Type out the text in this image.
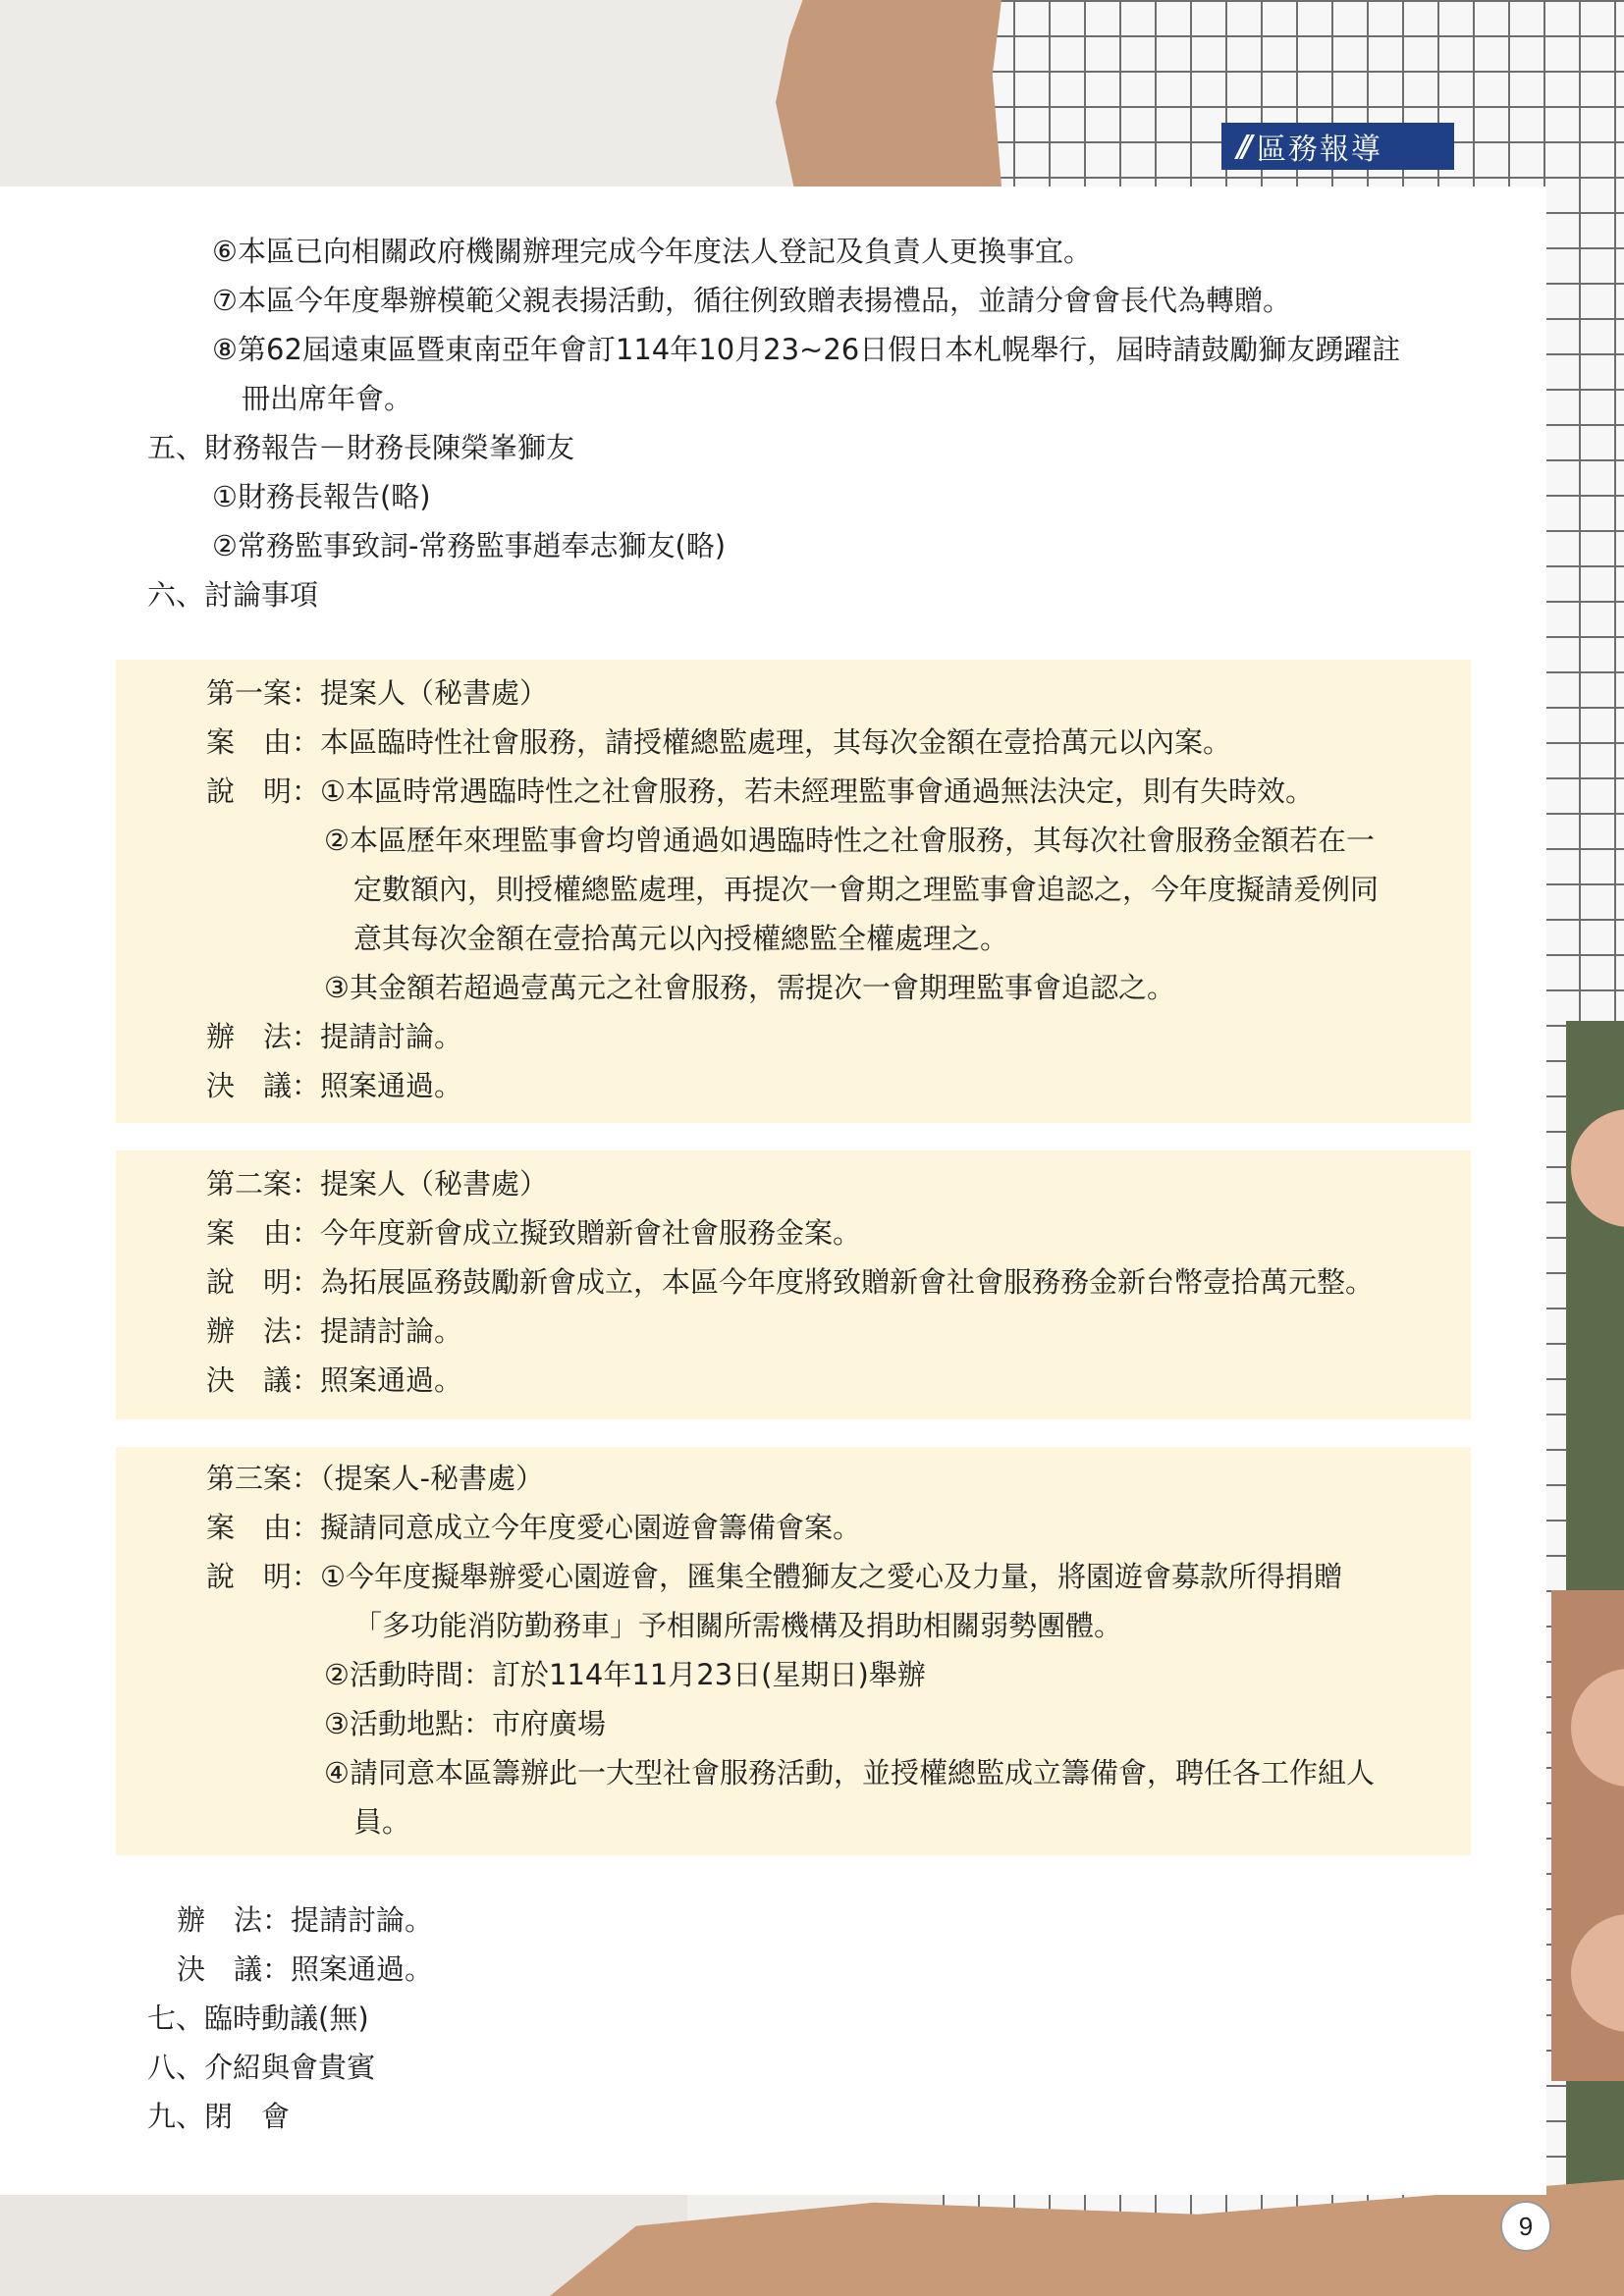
// 區務報導
⑥本區已向相關政府機關辦理完成今年度法人登記及負責人更換事宜。
⑦本區今年度舉辦模範父親表揚活動，循往例致贈表揚禮品，並請分會會長代為轉贈。
⑧第62屆遠東區暨東南亞年會訂114年10月23~26日假日本札幌舉行，屆時請鼓勵獅友踴躍註
冊出席年會。
五、財務報告－財務長陳榮峯獅友
①財務長報告(略)
②常務監事致詞-常務監事趙奉志獅友(略)
六、討論事項
第一案：提案人（秘書處）
案　由：本區臨時性社會服務，請授權總監處理，其每次金額在壹拾萬元以內案。
說　明：①本區時常遇臨時性之社會服務，若未經理監事會通過無法決定，則有失時效。
②本區歷年來理監事會均曾通過如遇臨時性之社會服務，其每次社會服務金額若在一
定數額內，則授權總監處理，再提次一會期之理監事會追認之，今年度擬請爰例同
意其每次金額在壹拾萬元以內授權總監全權處理之。
③其金額若超過壹萬元之社會服務，需提次一會期理監事會追認之。
辦　法：提請討論。
決　議：照案通過。
第二案：提案人（秘書處）
案　由：今年度新會成立擬致贈新會社會服務金案。
說　明：為拓展區務鼓勵新會成立，本區今年度將致贈新會社會服務務金新台幣壹拾萬元整。
辦　法：提請討論。
決　議：照案通過。
第三案：（提案人-秘書處）
案　由：擬請同意成立今年度愛心園遊會籌備會案。
說　明：①今年度擬舉辦愛心園遊會，匯集全體獅友之愛心及力量，將園遊會募款所得捐贈
「多功能消防勤務車」予相關所需機構及捐助相關弱勢團體。
②活動時間：訂於114年11月23日(星期日)舉辦
③活動地點：市府廣場
④請同意本區籌辦此一大型社會服務活動，並授權總監成立籌備會，聘任各工作組人
員。
辦　法：提請討論。
決　議：照案通過。
七、臨時動議(無)
八、介紹與會貴賓
九、閉　會
9
